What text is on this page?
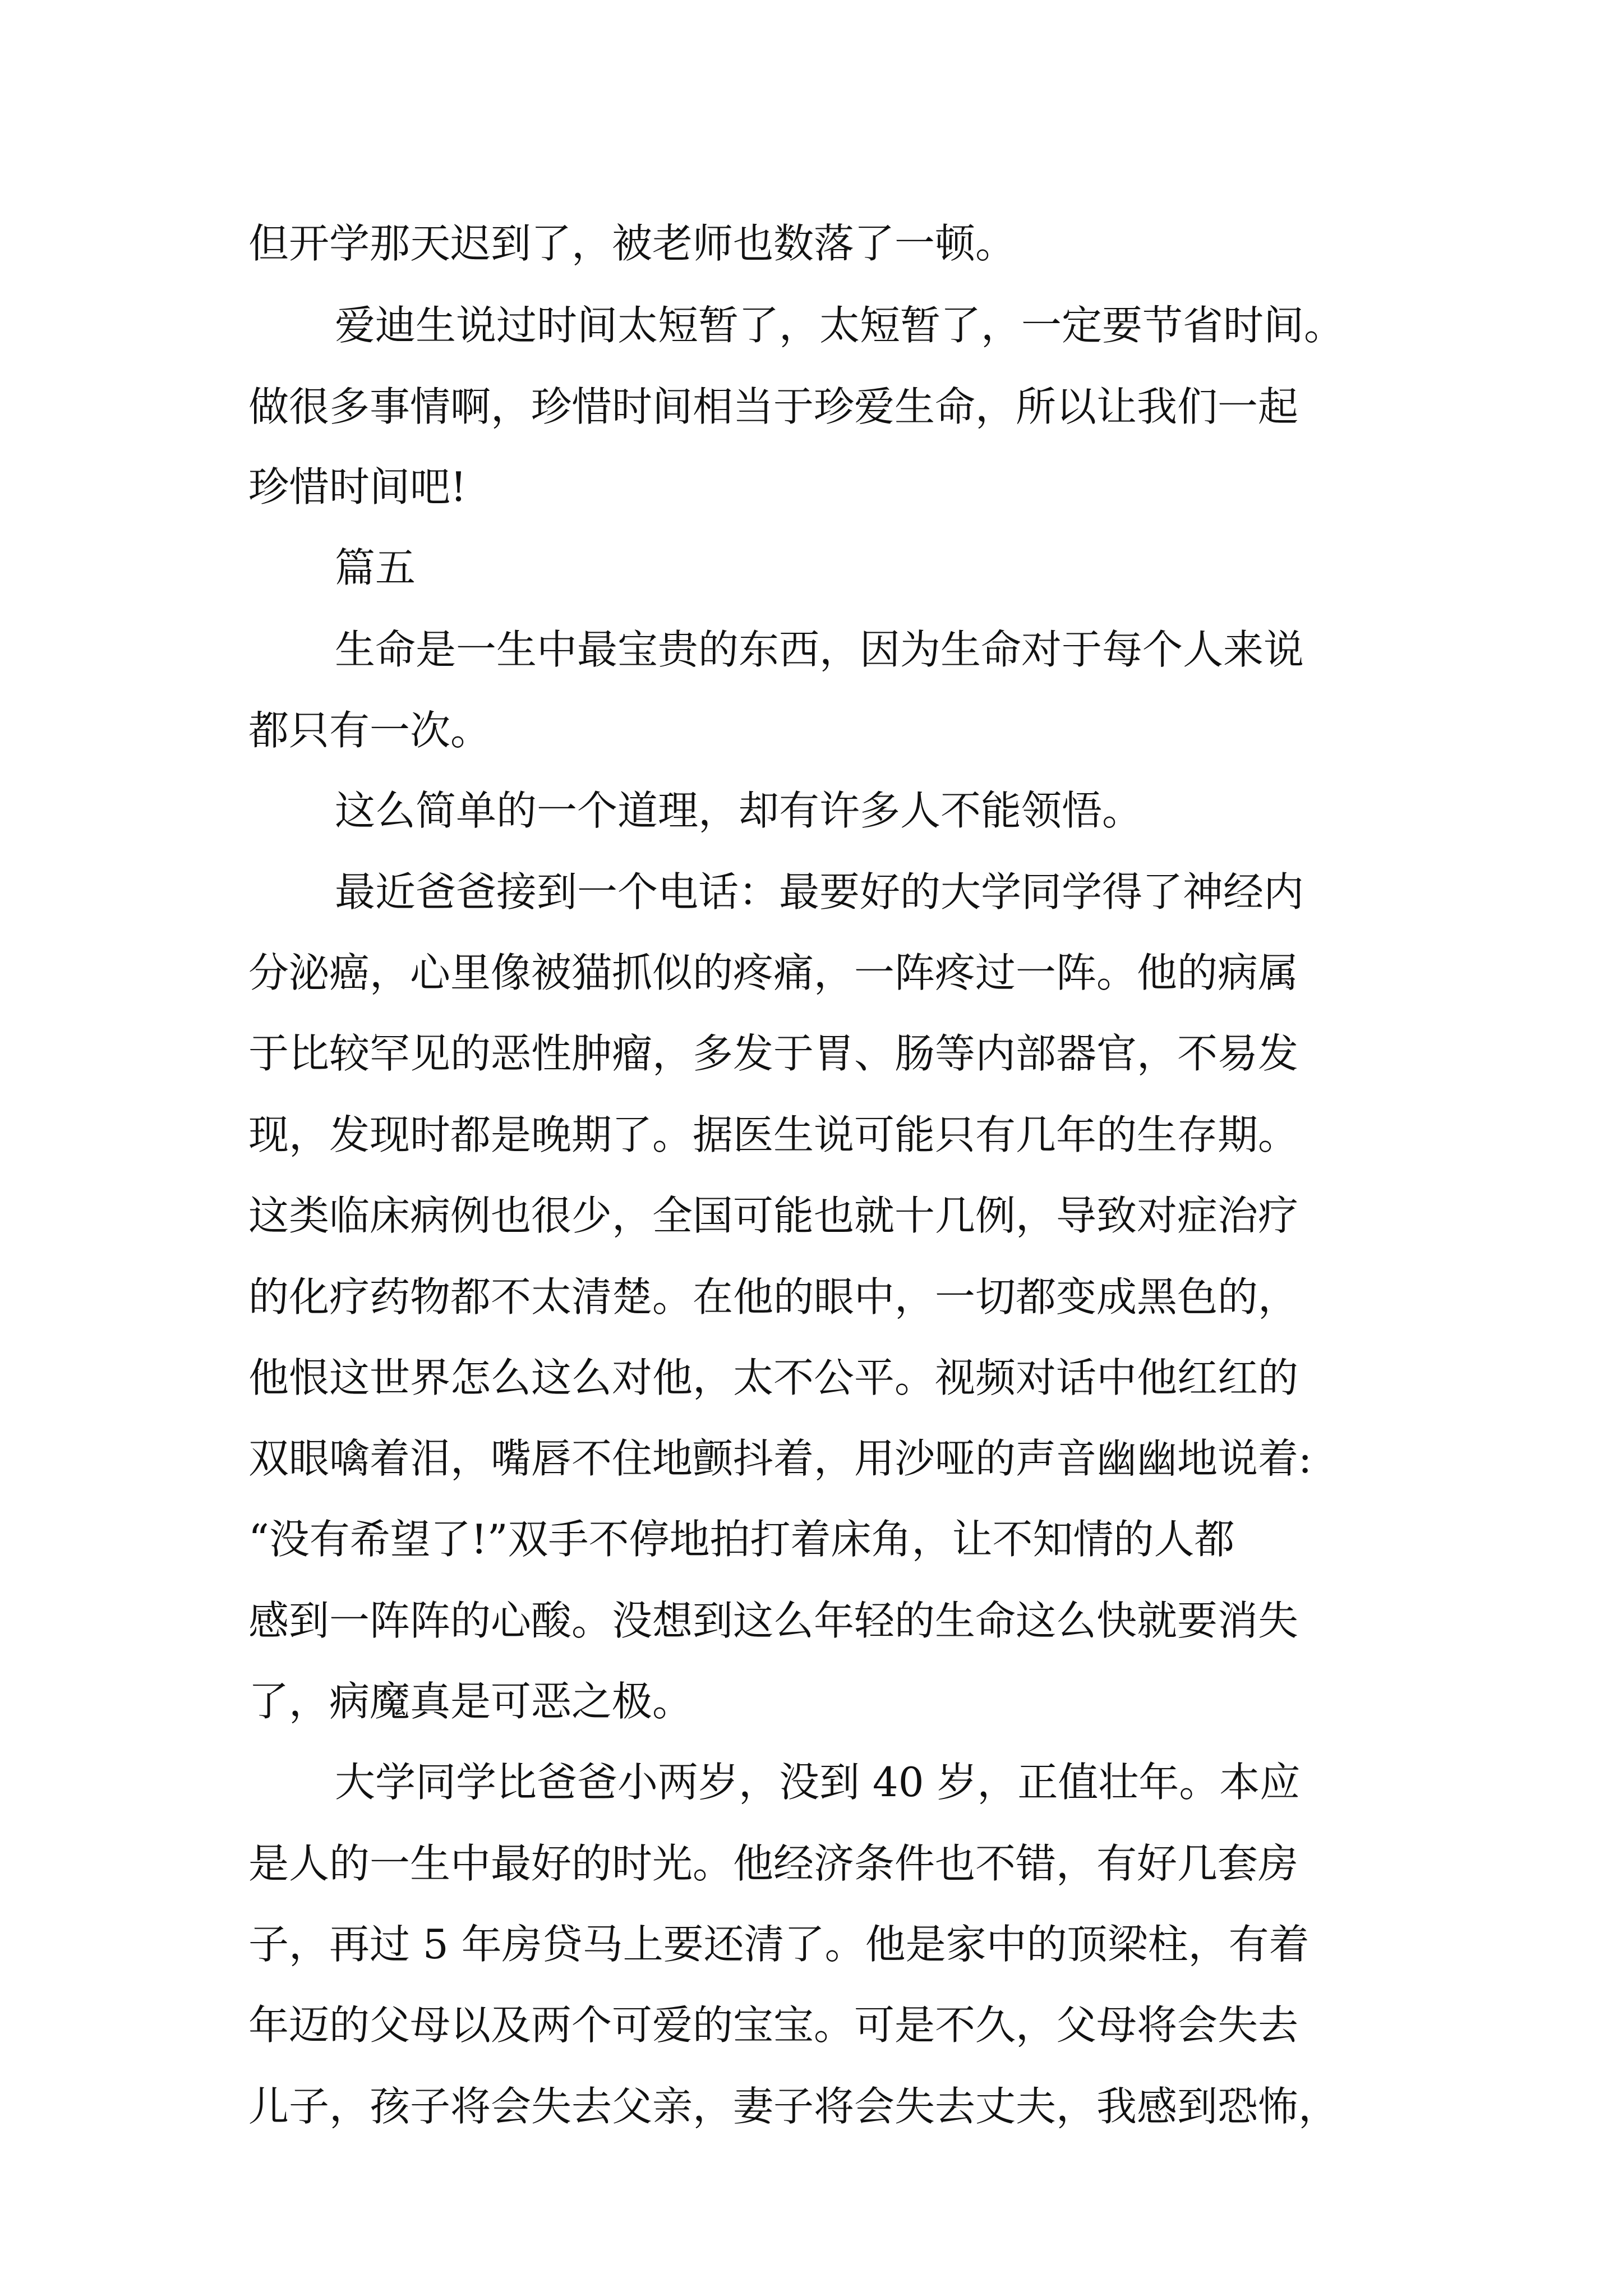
但开学那天迟到了，被老师也数落了一顿。
爱迪生说过时间太短暂了，太短暂了，一定要节省时间。
做很多事情啊，珍惜时间相当于珍爱生命，所以让我们一起
珍惜时间吧!
篇五
生命是一生中最宝贵的东西，因为生命对于每个人来说
都只有一次。
这么简单的一个道理，却有许多人不能领悟。
最近爸爸接到一个电话：最要好的大学同学得了神经内
分泌癌，心里像被猫抓似的疼痛，一阵疼过一阵。他的病属
于比较罕见的恶性肿瘤，多发于胃、肠等内部器官，不易发
现，发现时都是晚期了。据医生说可能只有几年的生存期。
这类临床病例也很少，全国可能也就十几例，导致对症治疗
的化疗药物都不太清楚。在他的眼中，一切都变成黑色的，
他恨这世界怎么这么对他，太不公平。视频对话中他红红的
双眼噙着泪，嘴唇不住地颤抖着，用沙哑的声音幽幽地说着:
“没有希望了!”双手不停地拍打着床角，让不知情的人都
感到一阵阵的心酸。没想到这么年轻的生命这么快就要消失
了，病魔真是可恶之极。
大学同学比爸爸小两岁，没到 40 岁，正值壮年。本应
是人的一生中最好的时光。他经济条件也不错，有好几套房
子，再过 5 年房贷马上要还清了。他是家中的顶梁柱，有着
年迈的父母以及两个可爱的宝宝。可是不久，父母将会失去
儿子，孩子将会失去父亲，妻子将会失去丈夫，我感到恐怖，
